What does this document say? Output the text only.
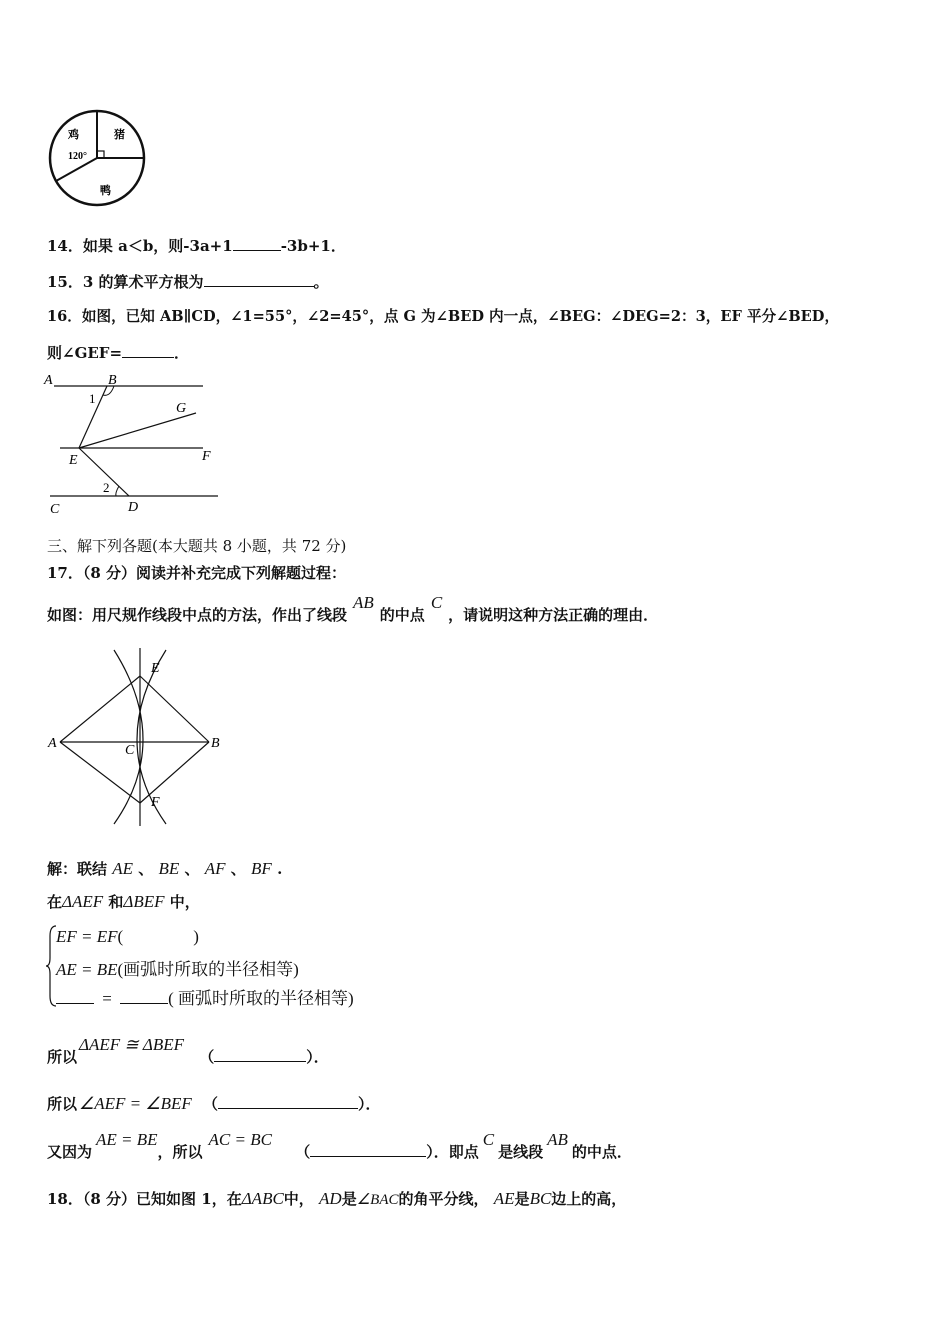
鸡	猪
鸭
120°
14．如果 a＜b，则-3a+1	-3b+1．
15．3 的算术平方根为	。
16．如图，已知 AB∥CD，∠1=55°，∠2=45°，点 G 为∠BED 内一点，∠BEG：∠DEG=2：3，EF 平分∠BED，
则∠GEF=	．
A	B
1
G
E	F
2
C	D
三、解下列各题(本大题共 8 小题，共 72 分)
17．（8 分）阅读并补充完成下列解题过程：
如图：用尺规作线段中点的方法，作出了线段AB的中点C，请说明这种方法正确的理由．
A	B
C
E
F
解：联结 AE 、 BE 、 AF 、 BF .
在ΔAEF 和ΔBEF 中，
EF = EF(	)
AE = BE(画弧时所取的半径相等)
=	( 画弧时所取的半径相等)
所以ΔAEF ≅ ΔBEF （	）．
所以 ∠AEF = ∠BEF （	）．
又因为AE = BE，所以AC = BC （	）．即点C是线段AB的中点．
18．（8 分）已知如图 1，在ΔABC中， AD是∠BAC的角平分线， AE是BC边上的高，
